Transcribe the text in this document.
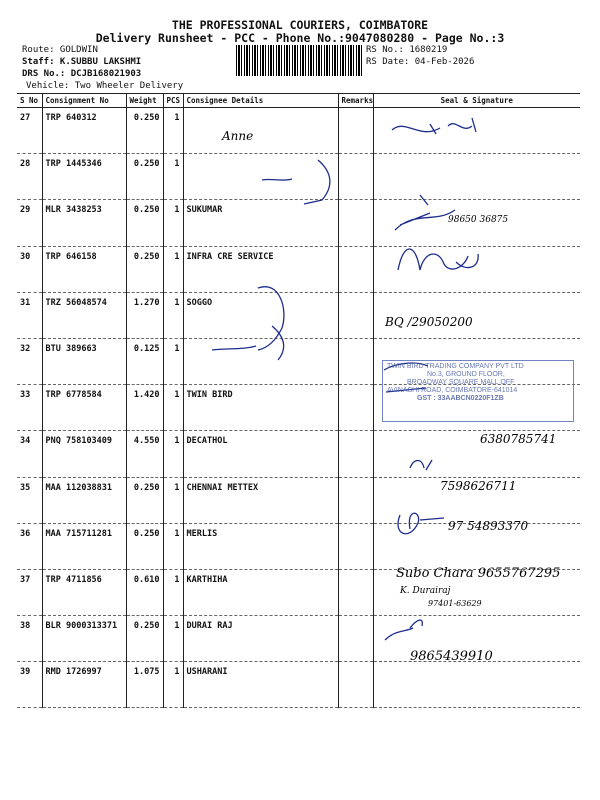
THE PROFESSIONAL COURIERS, COIMBATORE
Delivery Runsheet - PCC - Phone No.:9047080280 - Page No.:3
Route: GOLDWIN
Staff: K.SUBBU LAKSHMI
DRS No.: DCJB168021903
Vehicle: Two Wheeler Delivery
RS No.: 1680219
RS Date: 04-Feb-2026
S No	Consignment No	Weight	PCS	Consignee Details	Remarks	Seal & Signature
27	TRP 640312	0.250	1			
28	TRP 1445346	0.250	1			
29	MLR 3438253	0.250	1	SUKUMAR		
30	TRP 646158	0.250	1	INFRA CRE SERVICE		
31	TRZ 56048574	1.270	1	SOGGO		
32	BTU 389663	0.125	1			
33	TRP 6778584	1.420	1	TWIN BIRD		
34	PNQ 758103409	4.550	1	DECATHOL		
35	MAA 112038831	0.250	1	CHENNAI METTEX		
36	MAA 715711281	0.250	1	MERLIS		
37	TRP 4711856	0.610	1	KARTHIHA		
38	BLR 9000313371	0.250	1	DURAI RAJ		
39	RMD 1726997	1.075	1	USHARANI		
Anne
98650 36875
BQ /29050200
6380785741
7598626711
97 54893370
Subo Chara 9655767295
K. Durairaj
97401-63629
9865439910
TWIN BIRD TRADING COMPANY PVT LTD
No.3, GROUND FLOOR,
BROADWAY SQUARE MALL OFF
AVINASHI ROAD, COIMBATORE-641014
GST : 33AABCN0220F1ZB
